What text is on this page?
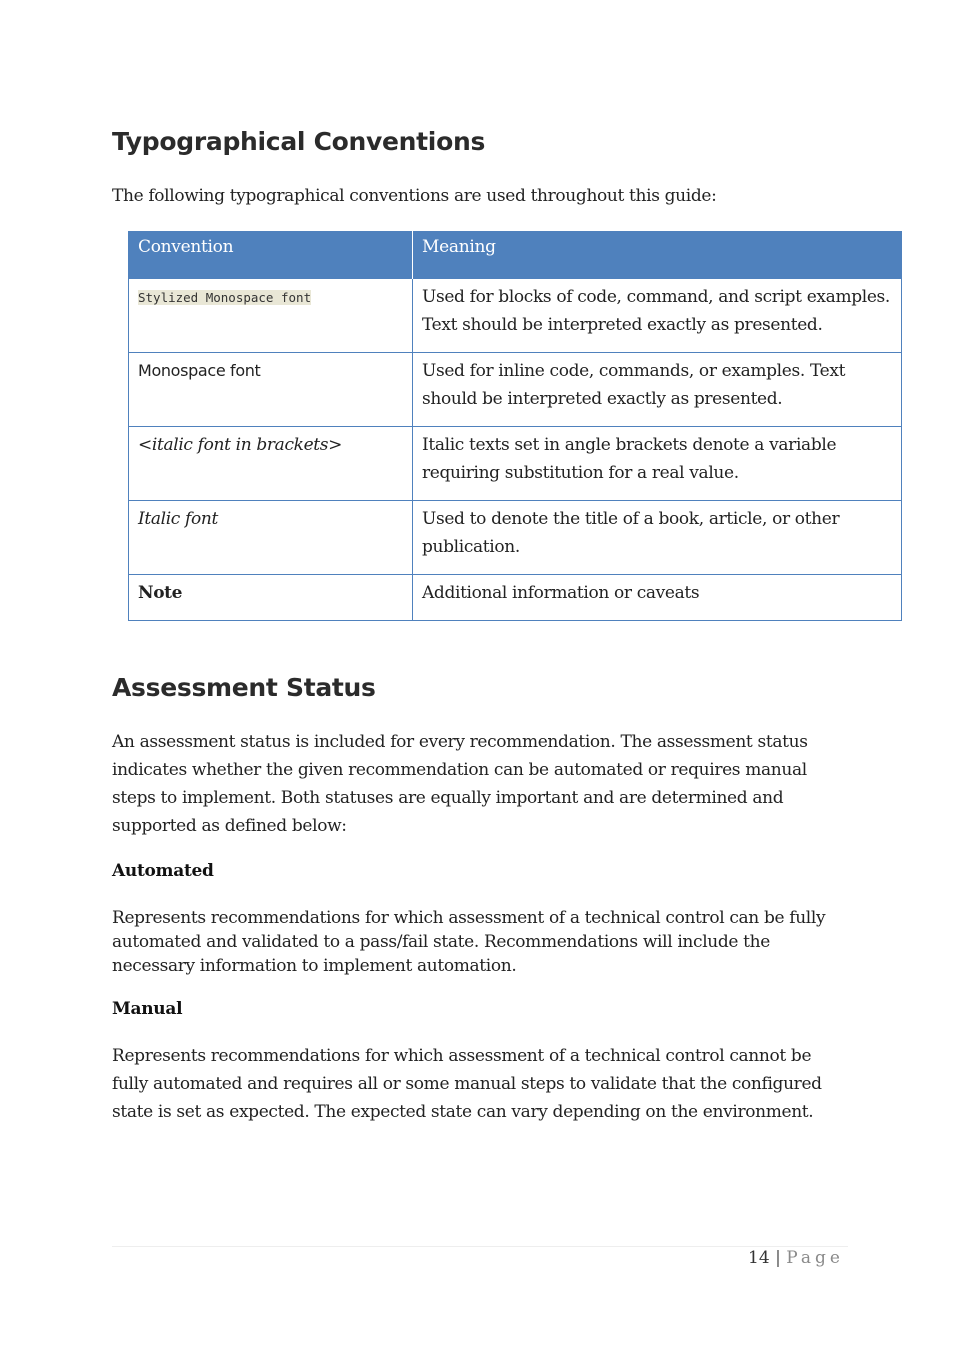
Typographical Conventions

The following typographical conventions are used throughout this guide:

Convention	Meaning
Stylized Monospace font	Used for blocks of code, command, and script examples. Text should be interpreted exactly as presented.
Monospace font	Used for inline code, commands, or examples. Text should be interpreted exactly as presented.
<italic font in brackets>	Italic texts set in angle brackets denote a variable requiring substitution for a real value.
Italic font	Used to denote the title of a book, article, or other publication.
Note	Additional information or caveats
Assessment Status

An assessment status is included for every recommendation. The assessment status indicates whether the given recommendation can be automated or requires manual steps to implement. Both statuses are equally important and are determined and supported as defined below:

Automated

Represents recommendations for which assessment of a technical control can be fully automated and validated to a pass/fail state. Recommendations will include the necessary information to implement automation.

Manual

Represents recommendations for which assessment of a technical control cannot be fully automated and requires all or some manual steps to validate that the configured state is set as expected. The expected state can vary depending on the environment.

14 | Page
